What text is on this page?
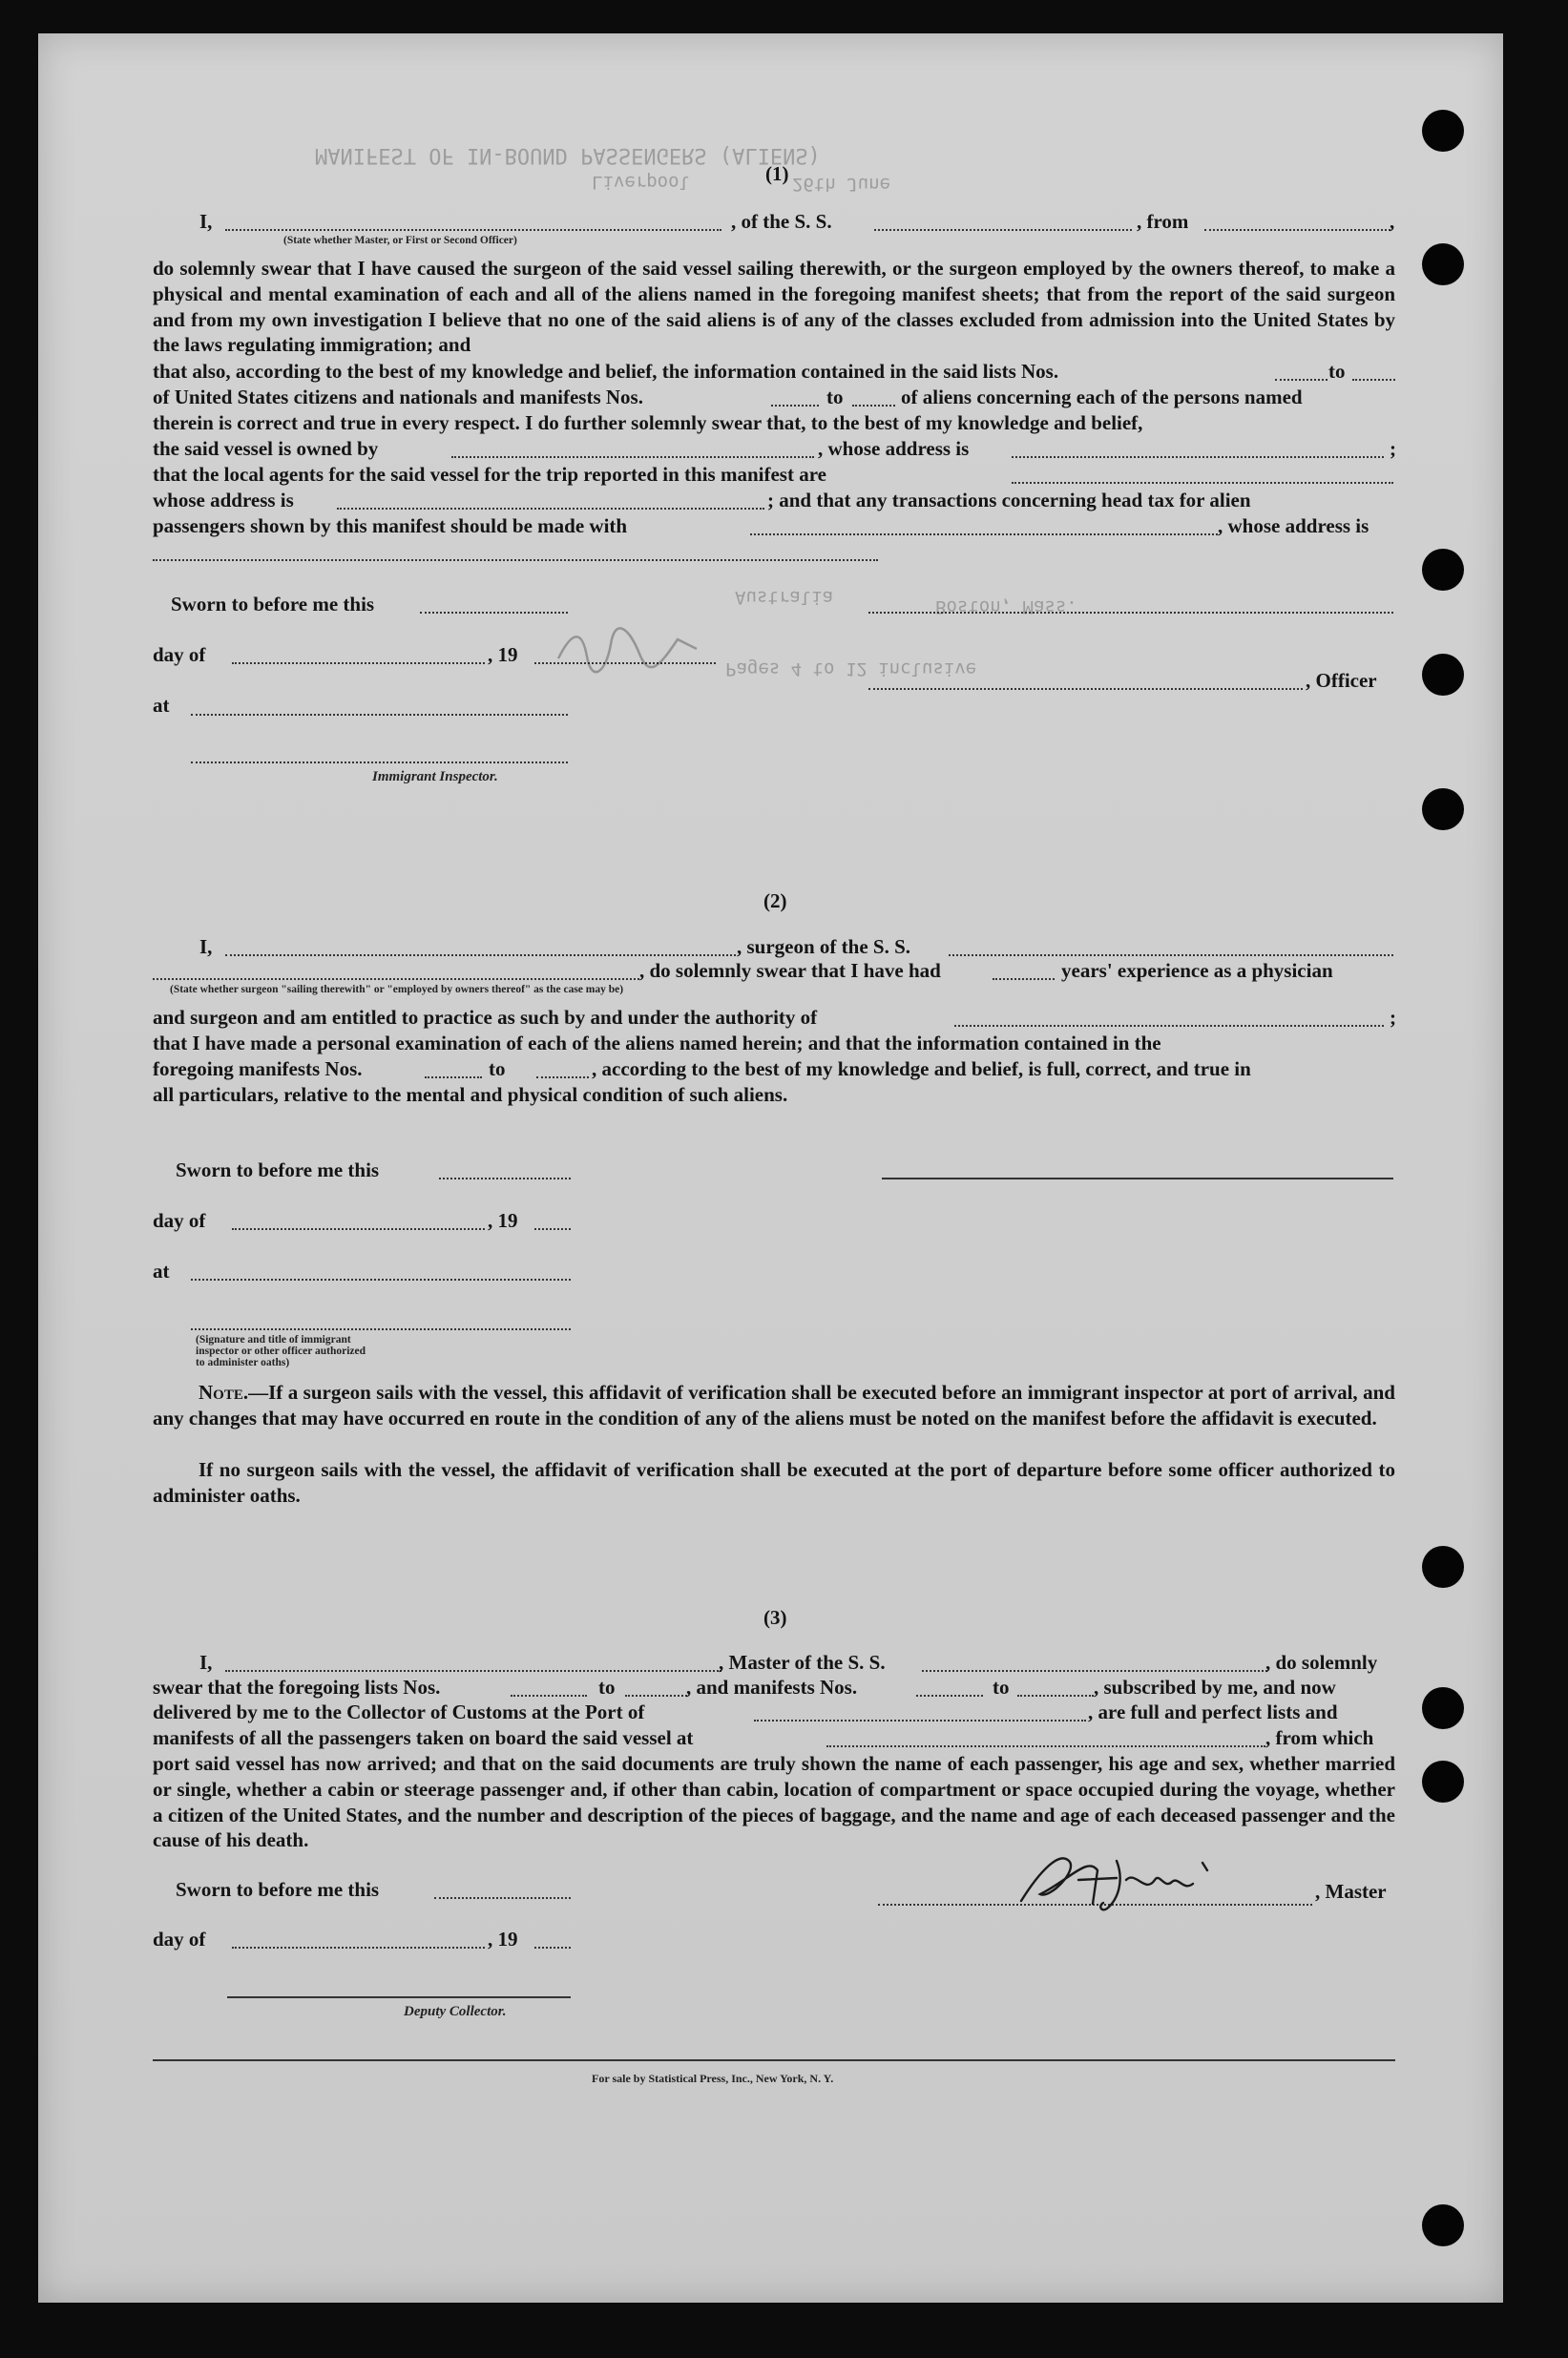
MANIFEST OF IN-BOUND PASSENGERS (ALIENS)
Liverpool	26th June
Australia
Pages 4 to 12 inclusive
Boston, Mass.
(1)
I,
(State whether Master, or First or Second Officer)
, of the S. S.	, from	,
do solemnly swear that I have caused the surgeon of the said vessel sailing therewith, or the surgeon employed by the owners thereof, to make a physical and mental examination of each and all of the aliens named in the foregoing manifest sheets; that from the report of the said surgeon and from my own investigation I believe that no one of the said aliens is of any of the classes excluded from admission into the United States by the laws regulating immigration; and
that also, according to the best of my knowledge and belief, the information contained in the said lists Nos.	to
of United States citizens and nationals and manifests Nos.	to	of aliens concerning each of the persons named
therein is correct and true in every respect. I do further solemnly swear that, to the best of my knowledge and belief,
the said vessel is owned by	, whose address is	;
that the local agents for the said vessel for the trip reported in this manifest are
whose address is	; and that any transactions concerning head tax for alien
passengers shown by this manifest should be made with	, whose address is
Sworn to before me this
day of	, 19
, Officer
at
Immigrant Inspector.
(2)
I,	, surgeon of the S. S.
, do solemnly swear that I have had	years' experience as a physician
(State whether surgeon "sailing therewith" or "employed by owners thereof" as the case may be)
and surgeon and am entitled to practice as such by and under the authority of	;
that I have made a personal examination of each of the aliens named herein; and that the information contained in the
foregoing manifests Nos.	to	, according to the best of my knowledge and belief, is full, correct, and true in
all particulars, relative to the mental and physical condition of such aliens.
Sworn to before me this
day of	, 19
at
(Signature and title of immigrant inspector or other officer authorized to administer oaths)
Note.—If a surgeon sails with the vessel, this affidavit of verification shall be executed before an immigrant inspector at port of arrival, and any changes that may have occurred en route in the condition of any of the aliens must be noted on the manifest before the affidavit is executed.
If no surgeon sails with the vessel, the affidavit of verification shall be executed at the port of departure before some officer authorized to administer oaths.
(3)
I,	, Master of the S. S.	, do solemnly
swear that the foregoing lists Nos.	to	, and manifests Nos.	to	, subscribed by me, and now
delivered by me to the Collector of Customs at the Port of	, are full and perfect lists and
manifests of all the passengers taken on board the said vessel at	, from which
port said vessel has now arrived; and that on the said documents are truly shown the name of each passenger, his age and sex, whether married or single, whether a cabin or steerage passenger and, if other than cabin, location of compartment or space occupied during the voyage, whether a citizen of the United States, and the number and description of the pieces of baggage, and the name and age of each deceased passenger and the cause of his death.
Sworn to before me this	, Master
day of	, 19
Deputy Collector.
For sale by Statistical Press, Inc., New York, N. Y.
